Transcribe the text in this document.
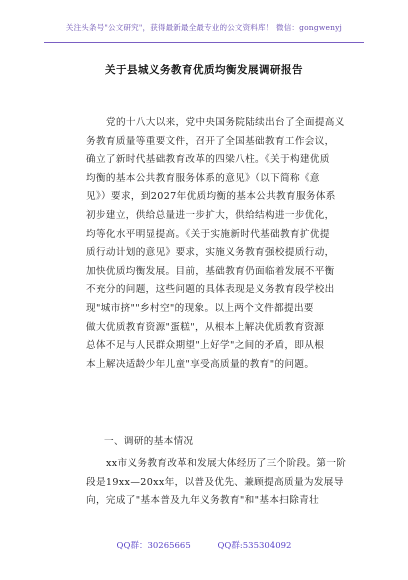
关注头条号"公文研究"，获得最新最全最专业的公文资料库！ 微信：gongwenyj
关于县城义务教育优质均衡发展调研报告
党的十八大以来，党中央国务院陆续出台了全面提高义
务教育质量等重要文件，召开了全国基础教育工作会议，
确立了新时代基础教育改革的四梁八柱。《关于构建优质
均衡的基本公共教育服务体系的意见》（以下简称《意
见》）要求，到2027年优质均衡的基本公共教育服务体系
初步建立，供给总量进一步扩大，供给结构进一步优化，
均等化水平明显提高。《关于实施新时代基础教育扩优提
质行动计划的意见》要求，实施义务教育强校提质行动，
加快优质均衡发展。目前，基础教育仍面临着发展不平衡
不充分的问题，这些问题的具体表现是义务教育段学校出
现"城市挤""乡村空"的现象。以上两个文件都提出要
做大优质教育资源"蛋糕"，从根本上解决优质教育资源
总体不足与人民群众期望"上好学"之间的矛盾，即从根
本上解决适龄少年儿童"享受高质量的教育"的问题。
一、调研的基本情况
xx市义务教育改革和发展大体经历了三个阶段。第一阶
段是19xx—20xx年，以普及优先、兼顾提高质量为发展导
向，完成了"基本普及九年义务教育"和"基本扫除青壮
QQ群：30265665	QQ群:535304092
